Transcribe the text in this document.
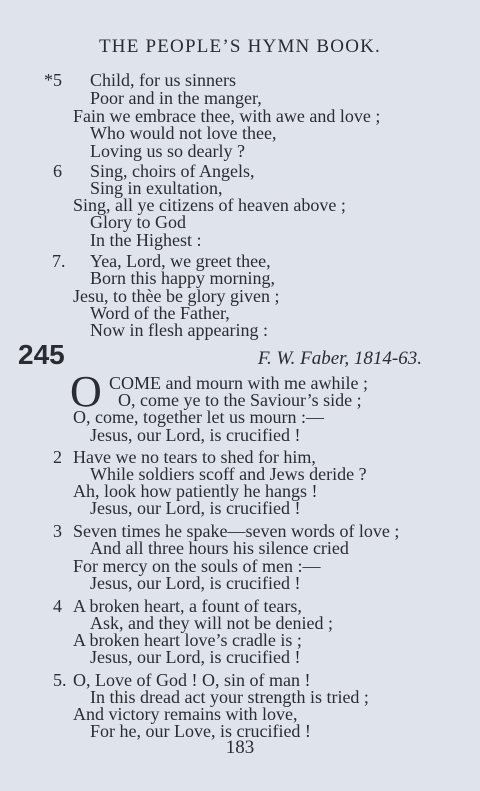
THE PEOPLE’S HYMN BOOK.
*5 Child, for us sinners
Poor and in the manger,
Fain we embrace thee, with awe and love ;
Who would not love thee,
Loving us so dearly ?
6 Sing, choirs of Angels,
Sing in exultation,
Sing, all ye citizens of heaven above ;
Glory to God
In the Highest :
7. Yea, Lord, we greet thee,
Born this happy morning,
Jesu, to thèe be glory given ;
Word of the Father,
Now in flesh appearing :
245	F. W. Faber, 1814-63.
O COME and mourn with me awhile ;
O, come ye to the Saviour’s side ;
O, come, together let us mourn :—
Jesus, our Lord, is crucified !
2 Have we no tears to shed for him,
While soldiers scoff and Jews deride ?
Ah, look how patiently he hangs !
Jesus, our Lord, is crucified !
3 Seven times he spake—seven words of love ;
And all three hours his silence cried
For mercy on the souls of men :—
Jesus, our Lord, is crucified !
4 A broken heart, a fount of tears,
Ask, and they will not be denied ;
A broken heart love’s cradle is ;
Jesus, our Lord, is crucified !
5. O, Love of God ! O, sin of man !
In this dread act your strength is tried ;
And victory remains with love,
For he, our Love, is crucified !
183
